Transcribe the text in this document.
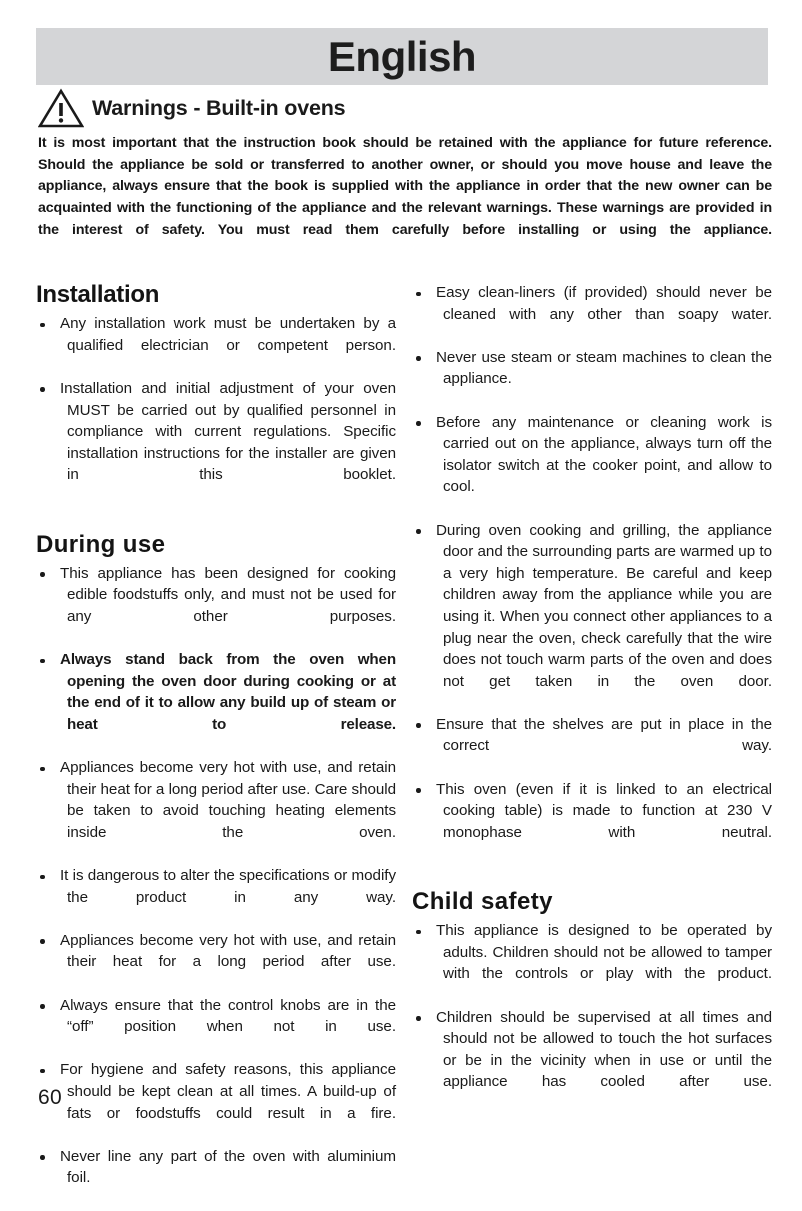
English
Warnings - Built-in ovens
It is most important that the instruction book should be retained with the appliance for future reference. Should the appliance be sold or transferred to another owner, or should you move house and leave the appliance, always ensure that the book is supplied with the appliance in order that the new owner can be acquainted with the functioning of the appliance and the relevant warnings. These warnings are provided in the interest of safety. You must read them carefully before installing or using the appliance.
Installation
Any installation work must be undertaken by a qualified electrician or competent person.
Installation and initial adjustment of your oven MUST be carried out by qualified personnel in compliance with current regulations. Specific installation instructions for the installer are given in this booklet.
During use
This appliance has been designed for cooking edible foodstuffs only, and must not be used for any other purposes.
Always stand back from the oven when opening the oven door during cooking or at the end of it to allow any build up of steam or heat to release.
Appliances become very hot with use, and retain their heat for a long period after use. Care should be taken to avoid touching heating elements inside the oven.
It is dangerous to alter the specifications or modify the product in any way.
Appliances become very hot with use, and retain their heat for a long period after use.
Always ensure that the control knobs are in the “off” position when not in use.
For hygiene and safety reasons, this appliance should be kept clean at all times. A build-up of fats or foodstuffs could result in a fire.
Never line any part of the oven with aluminium foil.
Easy clean-liners (if provided) should never be cleaned with any other than soapy water.
Never use steam or steam machines to clean the appliance.
Before any maintenance or cleaning work is carried out on the appliance, always turn off the isolator switch at the cooker point, and allow to cool.
During oven cooking and grilling, the appliance door and the surrounding parts are warmed up to a very high temperature. Be careful and keep children away from the appliance while you are using it. When you connect other appliances to a plug near the oven, check carefully that the wire does not touch warm parts of the oven and does not get taken in the oven door.
Ensure that the shelves are put in place in the correct way.
This oven (even if it is linked to an electrical cooking table) is made to function at 230 V monophase with neutral.
Child safety
This appliance is designed to be operated by adults. Children should not be allowed to tamper with the controls or play with the product.
Children should be supervised at all times and should not be allowed to touch the hot surfaces or be in the vicinity when in use or until the appliance has cooled after use.
60
